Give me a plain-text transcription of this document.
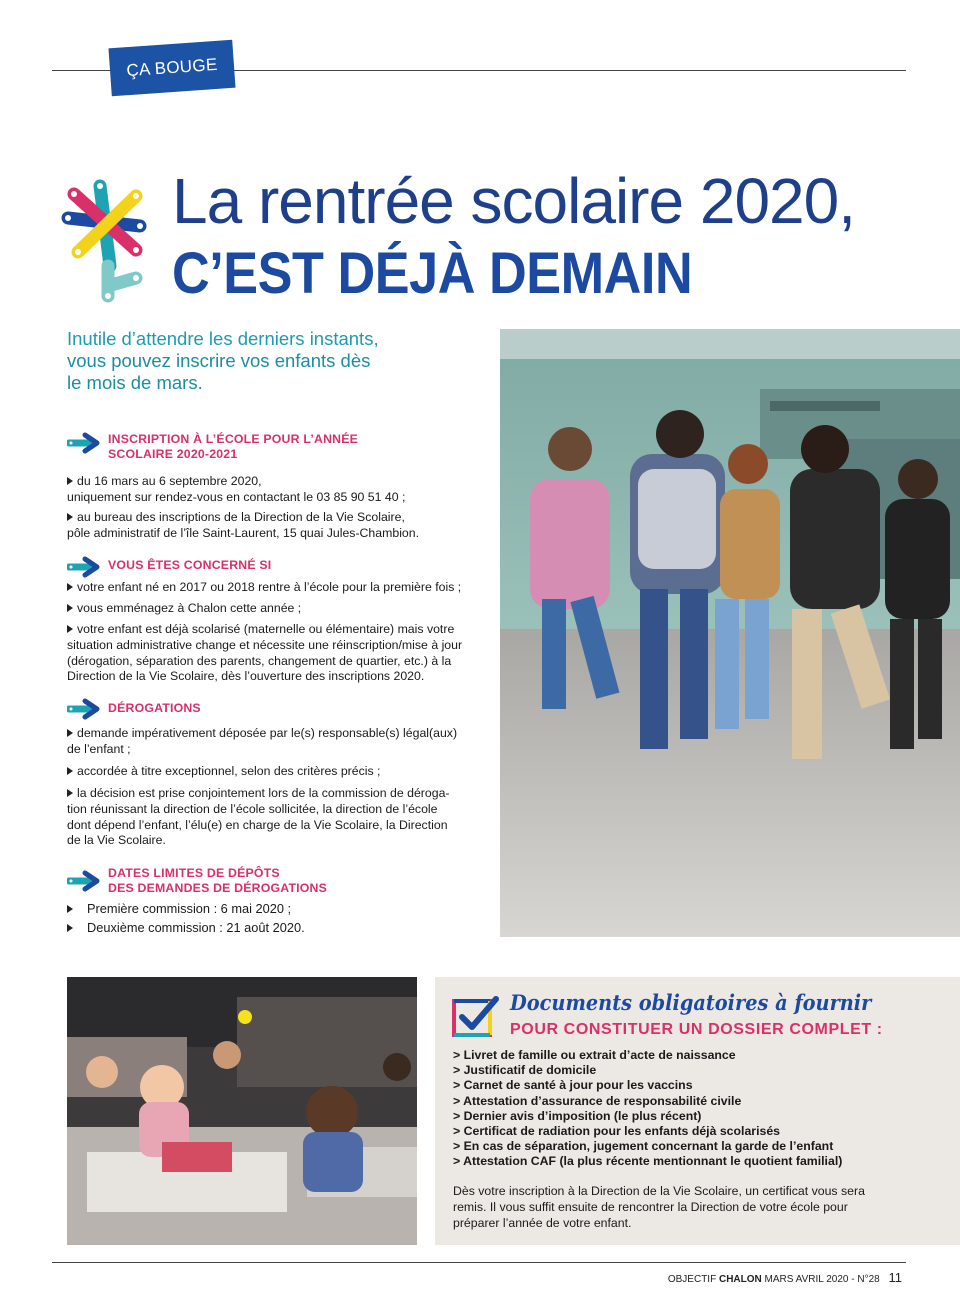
ÇA BOUGE
La rentrée scolaire 2020,
C’EST DÉJÀ DEMAIN
Inutile d’attendre les derniers instants,
vous pouvez inscrire vos enfants dès
le mois de mars.
INSCRIPTION À L’ÉCOLE POUR L’ANNÉE
SCOLAIRE 2020-2021
du 16 mars au 6 septembre 2020,
uniquement sur rendez-vous en contactant le 03 85 90 51 40 ;
au bureau des inscriptions de la Direction de la Vie Scolaire,
pôle administratif de l’île Saint-Laurent, 15 quai Jules-Chambion.
VOUS ÊTES CONCERNÉ SI
votre enfant né en 2017 ou 2018 rentre à l’école pour la première fois ;
vous emménagez à Chalon cette année ;
votre enfant est déjà scolarisé (maternelle ou élémentaire) mais votre
situation administrative change et nécessite une réinscription/mise à jour
(dérogation, séparation des parents, changement de quartier, etc.) à la
Direction de la Vie Scolaire, dès l’ouverture des inscriptions 2020.
DÉROGATIONS
demande impérativement déposée par le(s) responsable(s) légal(aux)
de l’enfant ;
accordée à titre exceptionnel, selon des critères précis ;
la décision est prise conjointement lors de la commission de déroga-
tion réunissant la direction de l’école sollicitée, la direction de l’école
dont dépend l’enfant, l’élu(e) en charge de la Vie Scolaire, la Direction
de la Vie Scolaire.
DATES LIMITES DE DÉPÔTS
DES DEMANDES DE DÉROGATIONS
Première commission : 6 mai 2020 ;
Deuxième commission : 21 août 2020.
Documents obligatoires à fournir
POUR CONSTITUER UN DOSSIER COMPLET :
> Livret de famille ou extrait d’acte de naissance
> Justificatif de domicile
> Carnet de santé à jour pour les vaccins
> Attestation d’assurance de responsabilité civile
> Dernier avis d’imposition (le plus récent)
> Certificat de radiation pour les enfants déjà scolarisés
> En cas de séparation, jugement concernant la garde de l’enfant
> Attestation CAF (la plus récente mentionnant le quotient familial)
Dès votre inscription à la Direction de la Vie Scolaire, un certificat vous sera
remis. Il vous suffit ensuite de rencontrer la Direction de votre école pour
préparer l’année de votre enfant.
OBJECTIF CHALON MARS AVRIL 2020 - N°28 11
